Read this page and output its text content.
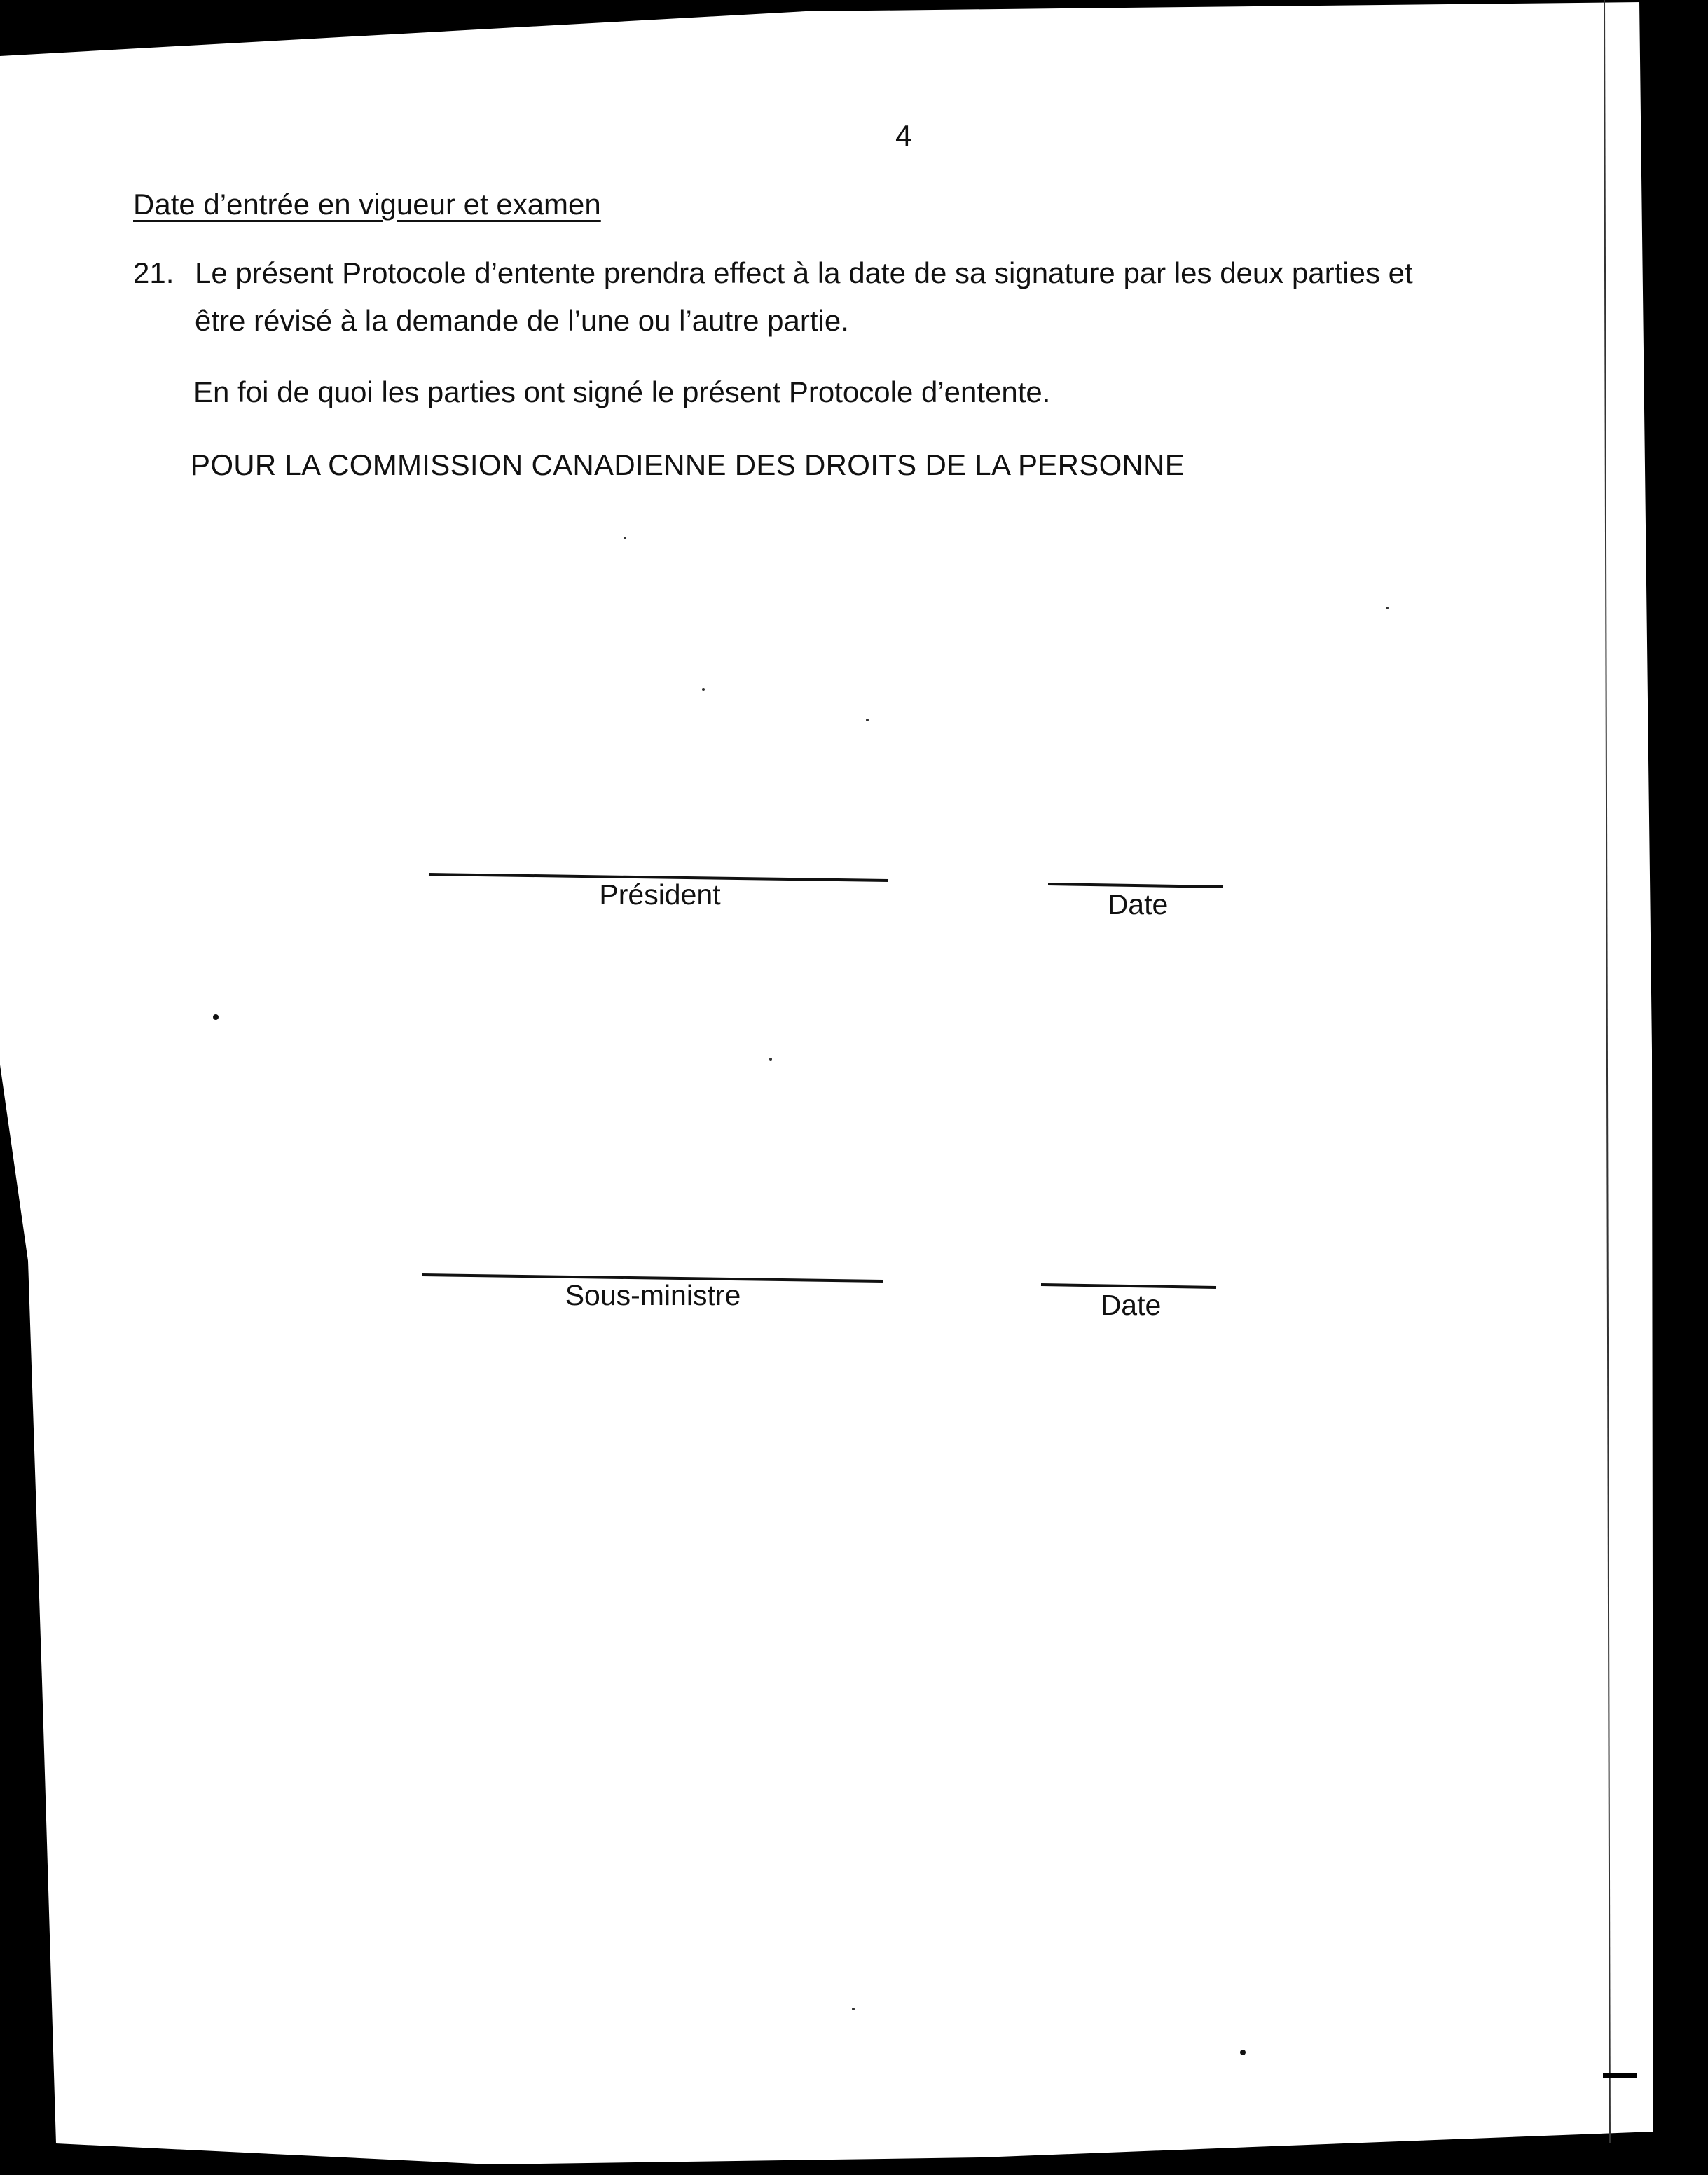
4
Date d’entrée en vigueur et examen
21. Le présent Protocole d’entente prendra effect à la date de sa signature par les deux parties et
être révisé à la demande de l’une ou l’autre partie.
En foi de quoi les parties ont signé le présent Protocole d’entente.
POUR LA COMMISSION CANADIENNE DES DROITS DE LA PERSONNE
Président	Date
Sous-ministre	Date
